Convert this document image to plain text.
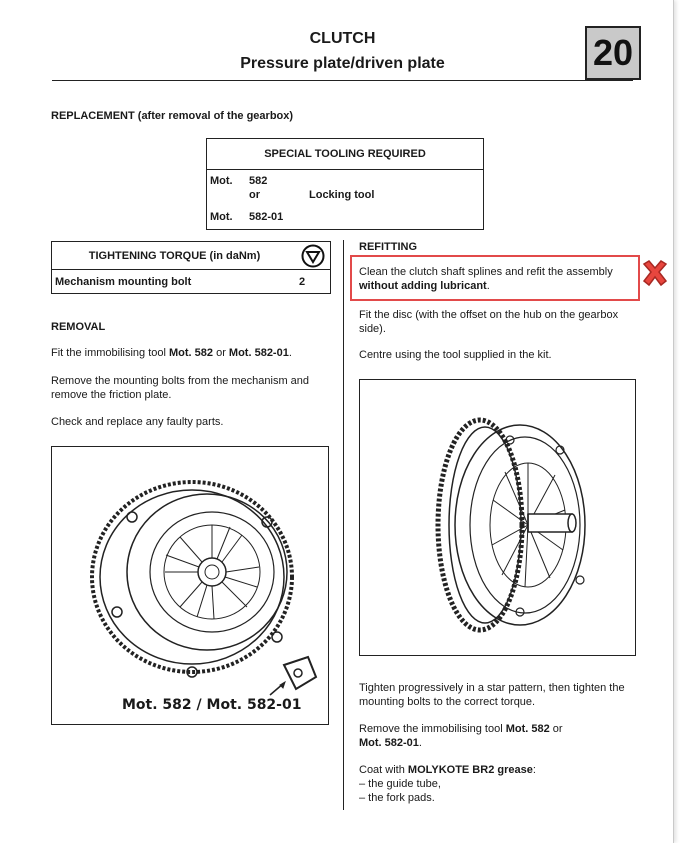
CLUTCH
Pressure plate/driven plate	20
REPLACEMENT (after removal of the gearbox)
SPECIAL TOOLING REQUIRED
Mot. 582
or	Locking tool
Mot. 582-01
TIGHTENING TORQUE (in daNm)
Mechanism mounting bolt	2
REMOVAL
Fit the immobilising tool Mot. 582 or Mot. 582-01.
Remove the mounting bolts from the mechanism and remove the friction plate.
Check and replace any faulty parts.
Mot. 582 / Mot. 582-01
REFITTING
Clean the clutch shaft splines and refit the assembly without adding lubricant.
Fit the disc (with the offset on the hub on the gearbox side).
Centre using the tool supplied in the kit.
Tighten progressively in a star pattern, then tighten the mounting bolts to the correct torque.
Remove the immobilising tool Mot. 582 or
Mot. 582-01.
Coat with MOLYKOTE BR2 grease:
– the guide tube,
– the fork pads.
